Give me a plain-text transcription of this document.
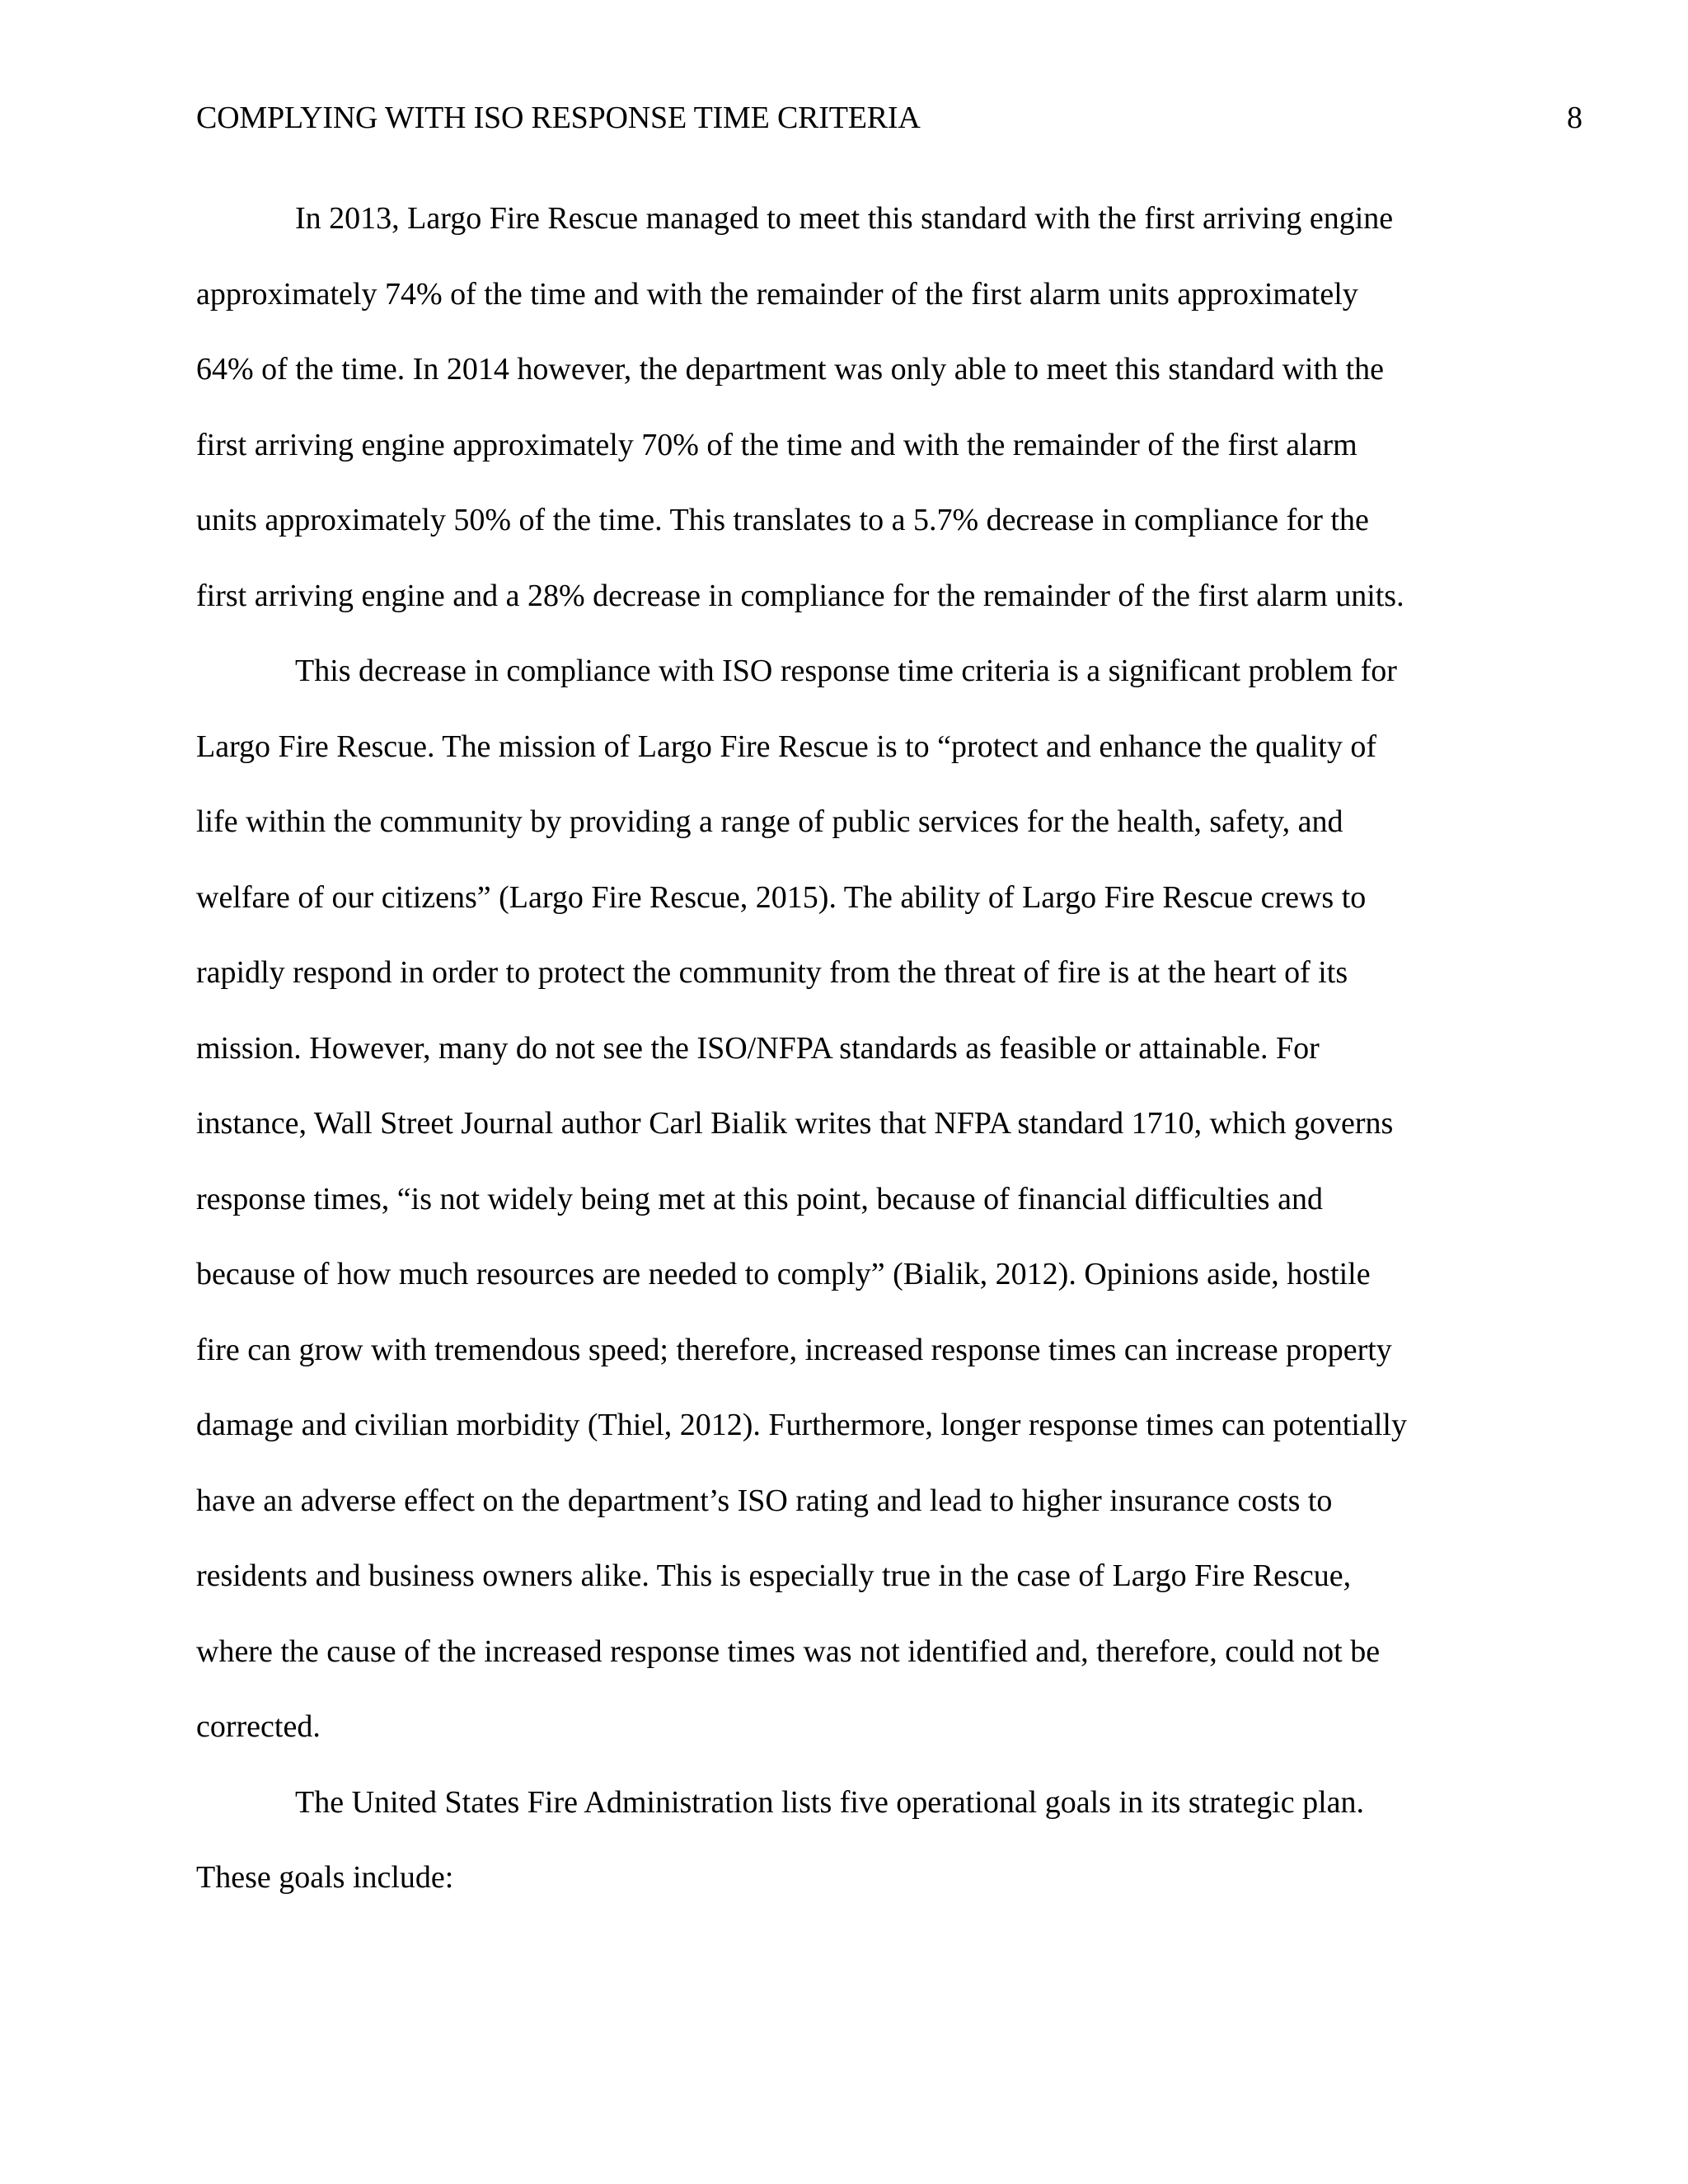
COMPLYING WITH ISO RESPONSE TIME CRITERIA	8
In 2013, Largo Fire Rescue managed to meet this standard with the first arriving engine
approximately 74% of the time and with the remainder of the first alarm units approximately
64% of the time. In 2014 however, the department was only able to meet this standard with the
first arriving engine approximately 70% of the time and with the remainder of the first alarm
units approximately 50% of the time. This translates to a 5.7% decrease in compliance for the
first arriving engine and a 28% decrease in compliance for the remainder of the first alarm units.
This decrease in compliance with ISO response time criteria is a significant problem for
Largo Fire Rescue. The mission of Largo Fire Rescue is to “protect and enhance the quality of
life within the community by providing a range of public services for the health, safety, and
welfare of our citizens” (Largo Fire Rescue, 2015). The ability of Largo Fire Rescue crews to
rapidly respond in order to protect the community from the threat of fire is at the heart of its
mission. However, many do not see the ISO/NFPA standards as feasible or attainable. For
instance, Wall Street Journal author Carl Bialik writes that NFPA standard 1710, which governs
response times, “is not widely being met at this point, because of financial difficulties and
because of how much resources are needed to comply” (Bialik, 2012). Opinions aside, hostile
fire can grow with tremendous speed; therefore, increased response times can increase property
damage and civilian morbidity (Thiel, 2012). Furthermore, longer response times can potentially
have an adverse effect on the department’s ISO rating and lead to higher insurance costs to
residents and business owners alike. This is especially true in the case of Largo Fire Rescue,
where the cause of the increased response times was not identified and, therefore, could not be
corrected.
The United States Fire Administration lists five operational goals in its strategic plan.
These goals include:
